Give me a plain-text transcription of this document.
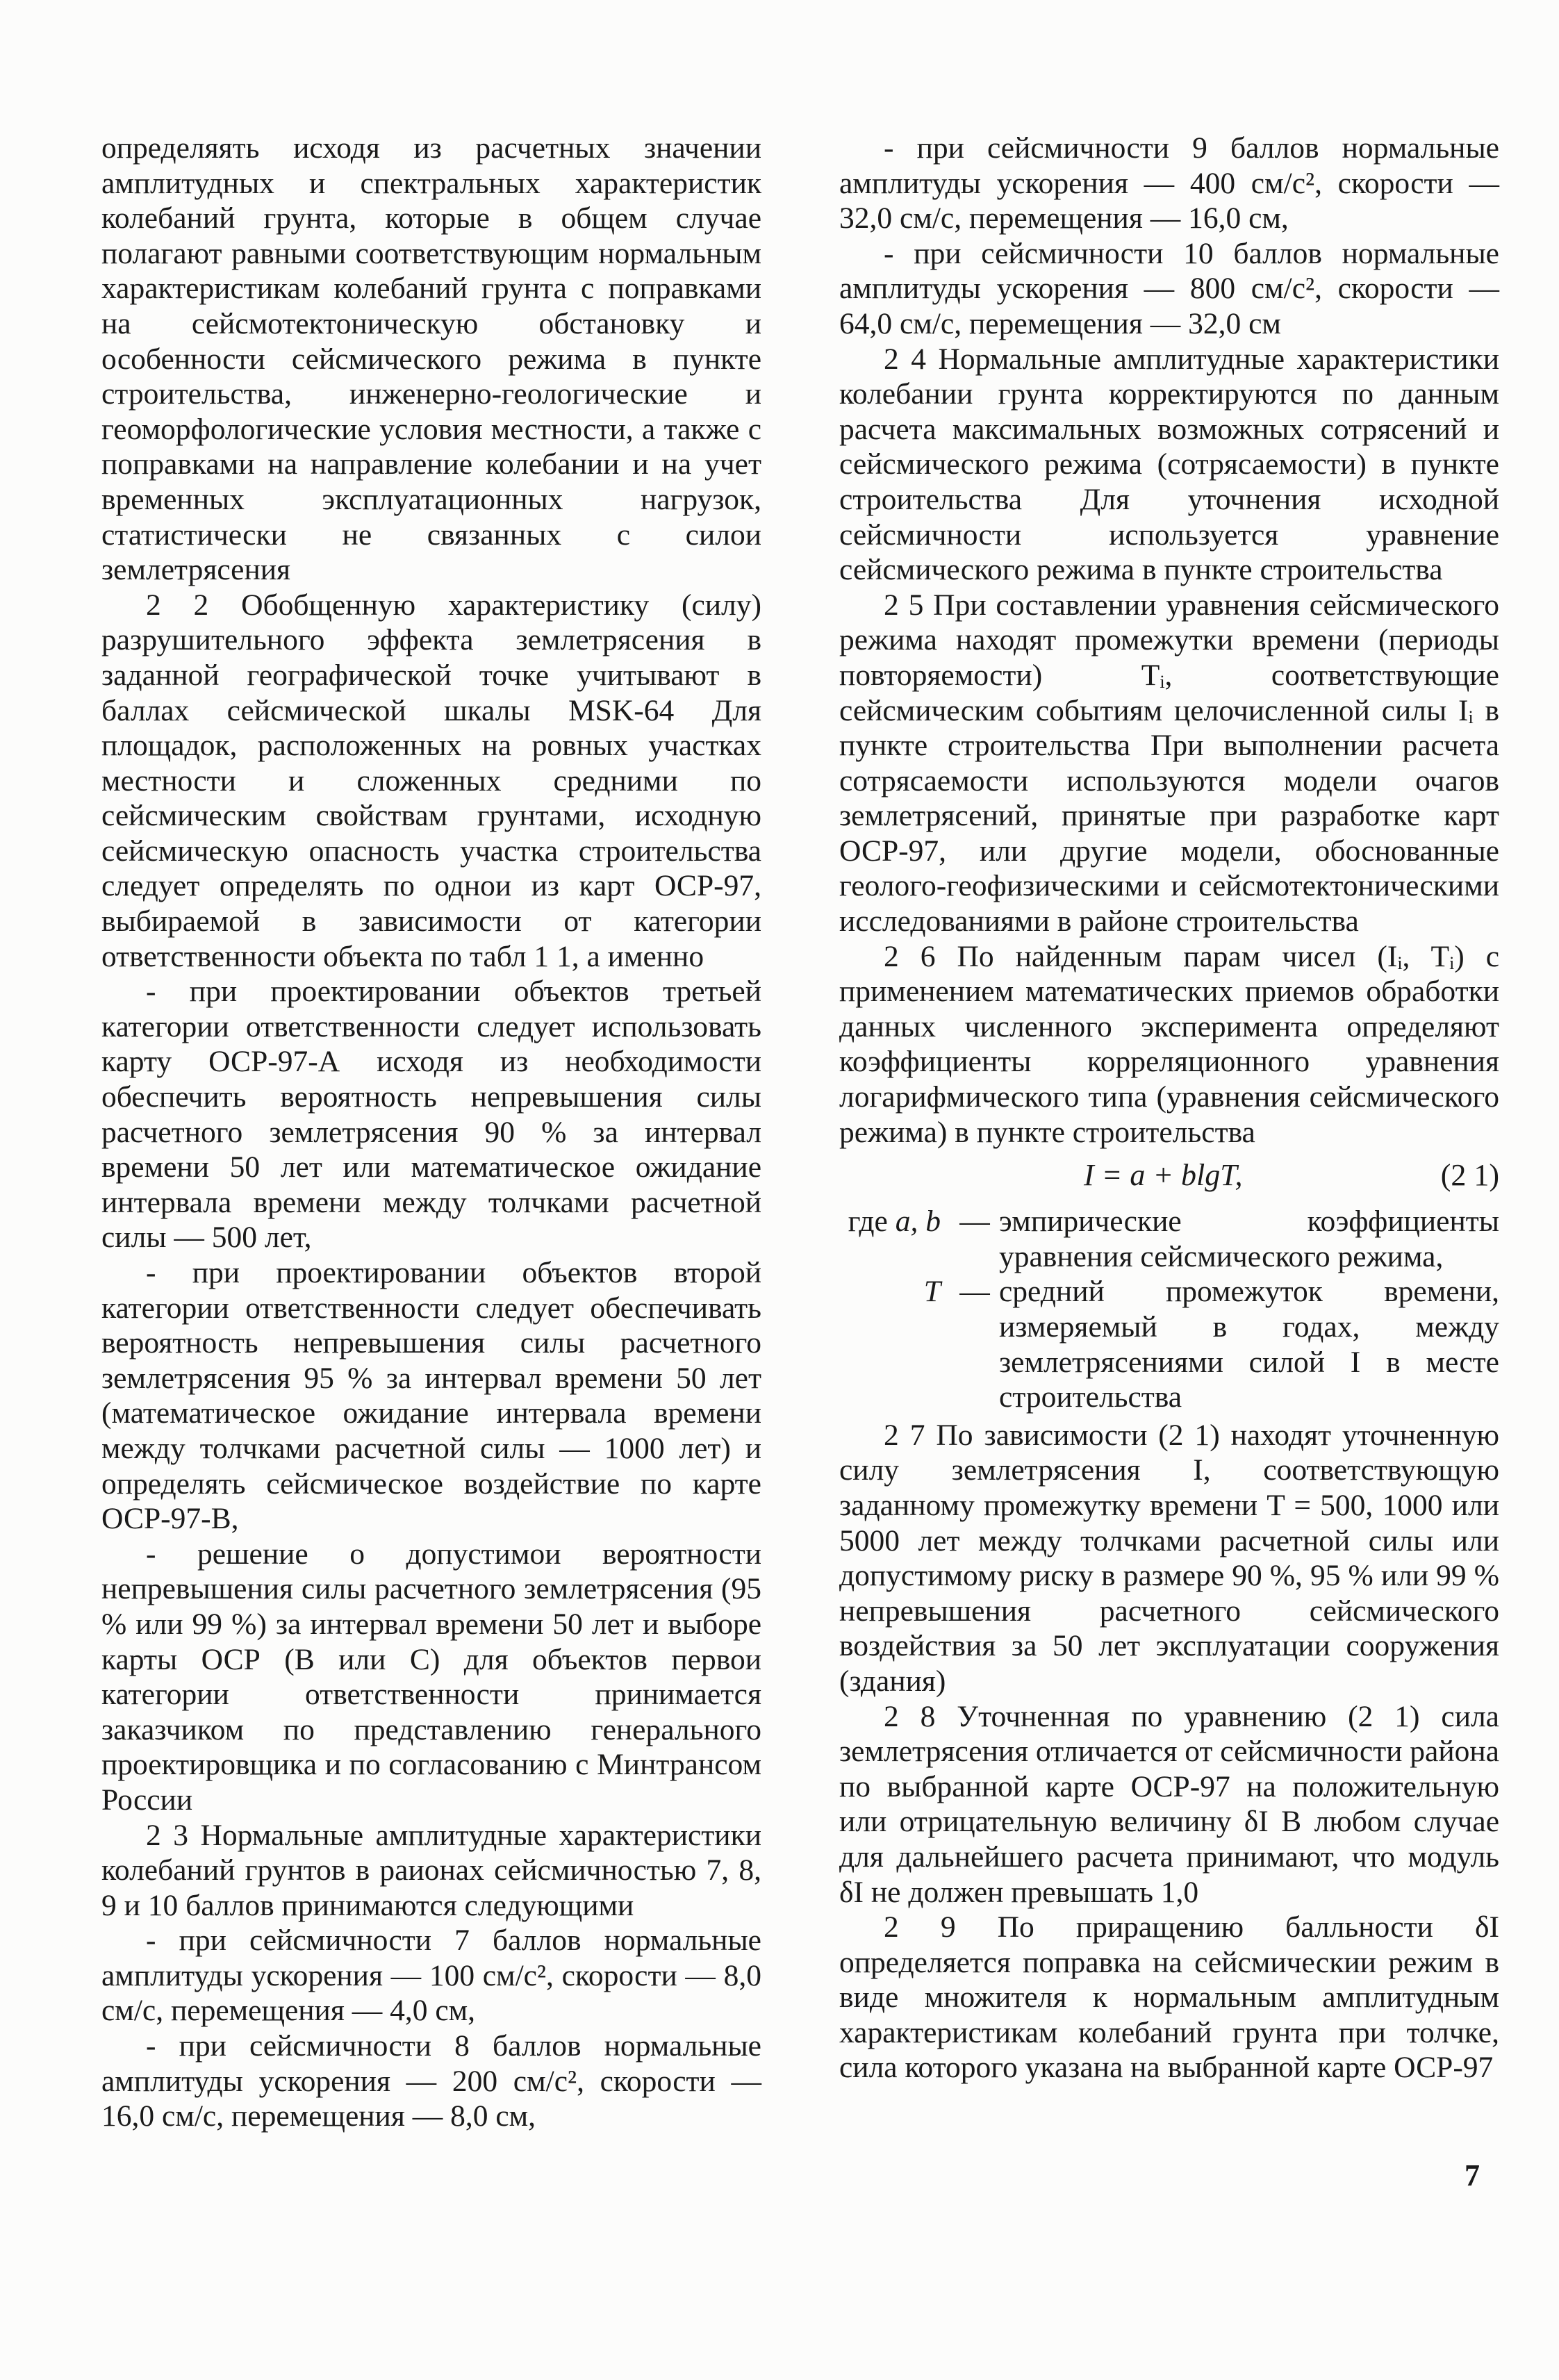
определяять исходя из расчетных значении амплитудных и спектральных характеристик колебаний грунта, которые в общем случае полагают равными соответствующим нормальным характеристикам колебаний грунта с поправками на сейсмотектоническую обстановку и особенности сейсмического режима в пункте строительства, инженерно-геологические и геоморфологические условия местности, а также с поправками на направление колебании и на учет временных эксплуатационных нагрузок, статистически не связанных с силои землетрясения

2 2 Обобщенную характеристику (силу) разрушительного эффекта землетрясения в заданной географической точке учитывают в баллах сейсмической шкалы MSK-64 Для площадок, расположенных на ровных участках местности и сложенных средними по сейсмическим свойствам грунтами, исходную сейсмическую опасность участка строительства следует определять по однои из карт ОСР-97, выбираемой в зависимости от категории ответственности объекта по табл 1 1, а именно

- при проектировании объектов третьей категории ответственности следует использовать карту ОСР-97-А исходя из необходимости обеспечить вероятность непревышения силы расчетного землетрясения 90 % за интервал времени 50 лет или математическое ожидание интервала времени между толчками расчетной силы — 500 лет,

- при проектировании объектов второй категории ответственности следует обеспечивать вероятность непревышения силы расчетного землетрясения 95 % за интервал времени 50 лет (математическое ожидание интервала времени между толчками расчетной силы — 1000 лет) и определять сейсмическое воздействие по карте ОСР-97-В,

- решение о допустимои вероятности непревышения силы расчетного землетрясения (95 % или 99 %) за интервал времени 50 лет и выборе карты ОСР (В или С) для объектов первои категории ответственности принимается заказчиком по представлению генерального проектировщика и по согласованию с Минтрансом России

2 3 Нормальные амплитудные характеристики колебаний грунтов в раионах сейсмичностью 7, 8, 9 и 10 баллов принимаются следующими

- при сейсмичности 7 баллов нормальные амплитуды ускорения — 100 см/с², скорости — 8,0 см/с, перемещения — 4,0 см,

- при сейсмичности 8 баллов нормальные амплитуды ускорения — 200 см/с², скорости — 16,0 см/с, перемещения — 8,0 см,

- при сейсмичности 9 баллов нормальные амплитуды ускорения — 400 см/с², скорости — 32,0 см/с, перемещения — 16,0 см,

- при сейсмичности 10 баллов нормальные амплитуды ускорения — 800 см/с², скорости — 64,0 см/с, перемещения — 32,0 см

2 4 Нормальные амплитудные характеристики колебании грунта корректируются по данным расчета максимальных возможных сотрясений и сейсмического режима (сотрясаемости) в пункте строительства Для уточнения исходной сейсмичности используется уравнение сейсмического режима в пункте строительства

2 5 При составлении уравнения сейсмического режима находят промежутки времени (периоды повторяемости) Tᵢ, соответствующие сейсмическим событиям целочисленной силы Iᵢ в пункте строительства При выполнении расчета сотрясаемости используются модели очагов землетрясений, принятые при разработке карт ОСР-97, или другие модели, обоснованные геолого-геофизическими и сейсмотектоническими исследованиями в районе строительства

2 6 По найденным парам чисел (Iᵢ, Tᵢ) с применением математических приемов обработки данных численного эксперимента определяют коэффициенты корреляционного уравнения логарифмического типа (уравнения сейсмического режима) в пункте строительства

I = a + blgT,	(2 1)
где a, b — эмпирические коэффициенты уравнения сейсмического режима,
T — средний промежуток времени, измеряемый в годах, между землетрясениями силой I в месте строительства

2 7 По зависимости (2 1) находят уточненную силу землетрясения I, соответствующую заданному промежутку времени T = 500, 1000 или 5000 лет между толчками расчетной силы или допустимому риску в размере 90 %, 95 % или 99 % непревышения расчетного сейсмического воздействия за 50 лет эксплуатации сооружения (здания)

2 8 Уточненная по уравнению (2 1) сила землетрясения отличается от сейсмичности района по выбранной карте ОСР-97 на положительную или отрицательную величину δI В любом случае для дальнейшего расчета принимают, что модуль δI не должен превышать 1,0

2 9 По приращению балльности δI определяется поправка на сейсмическии режим в виде множителя к нормальным амплитудным характеристикам колебаний грунта при толчке, сила которого указана на выбранной карте ОСР-97

7
